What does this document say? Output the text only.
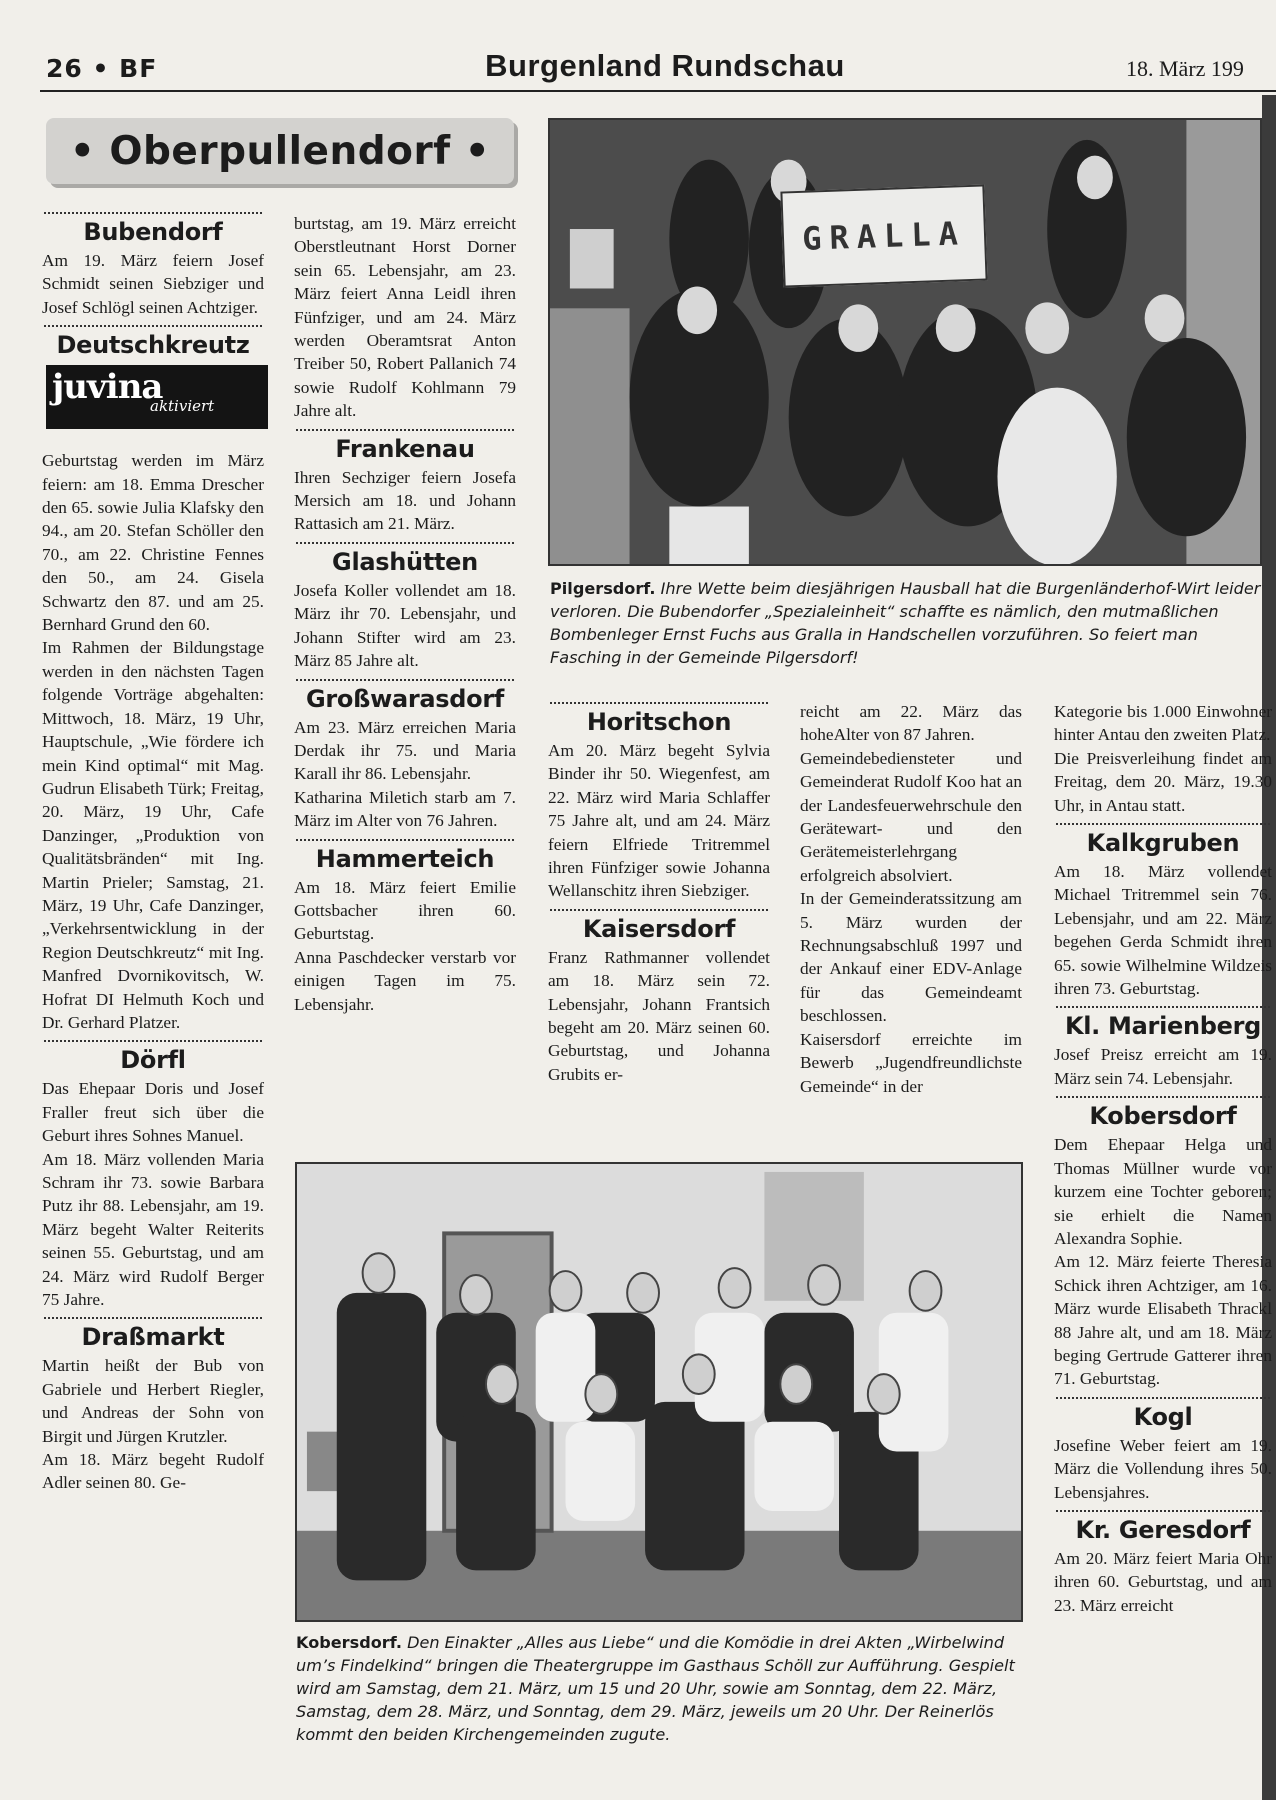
26 • BF	Burgenland Rundschau	18. März 199
• Oberpullendorf •
Bubendorf

Am 19. März feiern Josef Schmidt seinen Siebziger und Josef Schlögl seinen Achtziger.

Deutschkreutz
juvina
aktiviert

Geburtstag werden im März feiern: am 18. Emma Drescher den 65. sowie Julia Klafsky den 94., am 20. Stefan Schöller den 70., am 22. Christine Fennes den 50., am 24. Gisela Schwartz den 87. und am 25. Bernhard Grund den 60.

Im Rahmen der Bildungstage werden in den nächsten Tagen folgende Vorträge abgehalten: Mittwoch, 18. März, 19 Uhr, Hauptschule, „Wie fördere ich mein Kind optimal“ mit Mag. Gudrun Elisabeth Türk; Freitag, 20. März, 19 Uhr, Cafe Danzinger, „Produktion von Qualitätsbränden“ mit Ing. Martin Prieler; Samstag, 21. März, 19 Uhr, Cafe Danzinger, „Verkehrsentwicklung in der Region Deutschkreutz“ mit Ing. Manfred Dvornikovitsch, W. Hofrat DI Helmuth Koch und Dr. Gerhard Platzer.

Dörfl

Das Ehepaar Doris und Josef Fraller freut sich über die Geburt ihres Sohnes Manuel.

Am 18. März vollenden Maria Schram ihr 73. sowie Barbara Putz ihr 88. Lebensjahr, am 19. März begeht Walter Reiterits seinen 55. Geburtstag, und am 24. März wird Rudolf Berger 75 Jahre.

Draßmarkt

Martin heißt der Bub von Gabriele und Herbert Riegler, und Andreas der Sohn von Birgit und Jürgen Krutzler.

Am 18. März begeht Rudolf Adler seinen 80. Ge-

burtstag, am 19. März erreicht Oberstleutnant Horst Dorner sein 65. Lebensjahr, am 23. März feiert Anna Leidl ihren Fünfziger, und am 24. März werden Oberamtsrat Anton Treiber 50, Robert Pallanich 74 sowie Rudolf Kohlmann 79 Jahre alt.

Frankenau

Ihren Sechziger feiern Josefa Mersich am 18. und Johann Rattasich am 21. März.

Glashütten

Josefa Koller vollendet am 18. März ihr 70. Lebensjahr, und Johann Stifter wird am 23. März 85 Jahre alt.

Großwarasdorf

Am 23. März erreichen Maria Derdak ihr 75. und Maria Karall ihr 86. Lebensjahr.

Katharina Miletich starb am 7. März im Alter von 76 Jahren.

Hammerteich

Am 18. März feiert Emilie Gottsbacher ihren 60. Geburtstag.

Anna Paschdecker verstarb vor einigen Tagen im 75. Lebensjahr.

GRALLA
Pilgersdorf. Ihre Wette beim diesjährigen Hausball hat die Burgenländerhof-Wirt leider verloren. Die Bubendorfer „Spezialeinheit“ schaffte es nämlich, den mutmaßlichen Bombenleger Ernst Fuchs aus Gralla in Handschellen vorzuführen. So feiert man Fasching in der Gemeinde Pilgersdorf!
Horitschon

Am 20. März begeht Sylvia Binder ihr 50. Wiegenfest, am 22. März wird Maria Schlaffer 75 Jahre alt, und am 24. März feiern Elfriede Tritremmel ihren Fünfziger sowie Johanna Wellanschitz ihren Siebziger.

Kaisersdorf

Franz Rathmanner vollendet am 18. März sein 72. Lebensjahr, Johann Frantsich begeht am 20. März seinen 60. Geburtstag, und Johanna Grubits er-

reicht am 22. März das hoheAlter von 87 Jahren.

Gemeindebediensteter und Gemeinderat Rudolf Koo hat an der Landesfeuerwehrschule den Gerätewart- und den Gerätemeisterlehrgang erfolgreich absolviert.

In der Gemeinderatssitzung am 5. März wurden der Rechnungsabschluß 1997 und der Ankauf einer EDV-Anlage für das Gemeindeamt beschlossen.

Kaisersdorf erreichte im Bewerb „Jugendfreundlichste Gemeinde“ in der

Kobersdorf. Den Einakter „Alles aus Liebe“ und die Komödie in drei Akten „Wirbelwind um’s Findelkind“ bringen die Theatergruppe im Gasthaus Schöll zur Aufführung. Gespielt wird am Samstag, dem 21. März, um 15 und 20 Uhr, sowie am Sonntag, dem 22. März, Samstag, dem 28. März, und Sonntag, dem 29. März, jeweils um 20 Uhr. Der Reinerlös kommt den beiden Kirchengemeinden zugute.

Kategorie bis 1.000 Einwohner hinter Antau den zweiten Platz.

Die Preisverleihung findet am Freitag, dem 20. März, 19.30 Uhr, in Antau statt.

Kalkgruben

Am 18. März vollendet Michael Tritremmel sein 76. Lebensjahr, und am 22. März begehen Gerda Schmidt ihren 65. sowie Wilhelmine Wildzeis ihren 73. Geburtstag.

Kl. Marienberg

Josef Preisz erreicht am 19. März sein 74. Lebensjahr.

Kobersdorf

Dem Ehepaar Helga und Thomas Müllner wurde vor kurzem eine Tochter geboren; sie erhielt die Namen Alexandra Sophie.

Am 12. März feierte Theresia Schick ihren Achtziger, am 16. März wurde Elisabeth Thrackl 88 Jahre alt, und am 18. März beging Gertrude Gatterer ihren 71. Geburtstag.

Kogl

Josefine Weber feiert am 19. März die Vollendung ihres 50. Lebensjahres.

Kr. Geresdorf

Am 20. März feiert Maria Ohr ihren 60. Geburtstag, und am 23. März erreicht
